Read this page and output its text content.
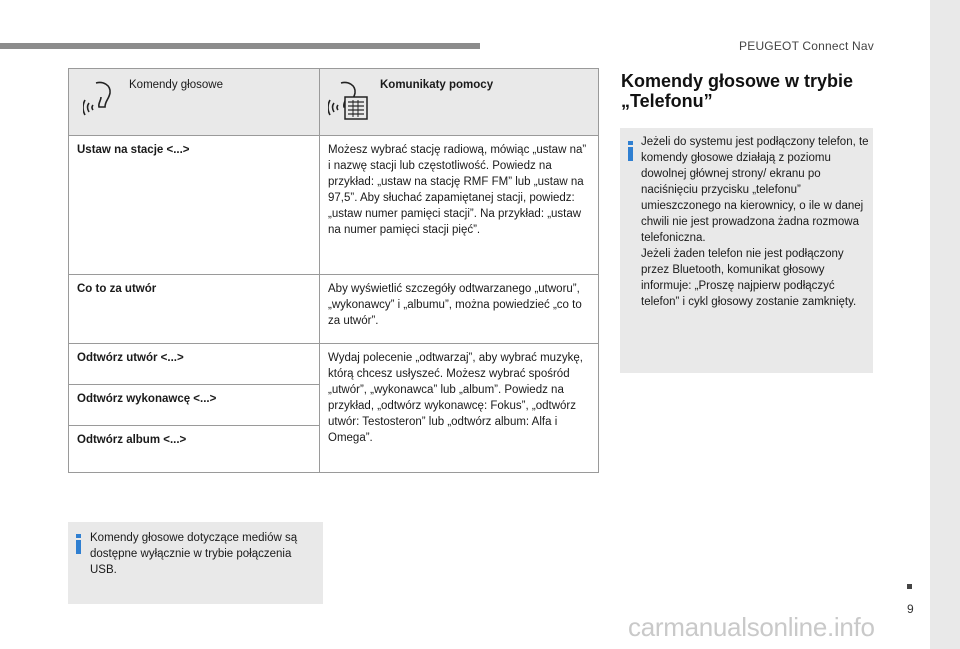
PEUGEOT Connect Nav
Komendy głosowe	Komunikaty pomocy

Ustaw na stacje <...>	Możesz wybrać stację radiową, mówiąc „ustaw na” i nazwę stacji lub częstotliwość. Powiedz na przykład: „ustaw na stację RMF FM” lub „ustaw na 97,5”. Aby słuchać zapamiętanej stacji, powiedz: „ustaw numer pamięci stacji”. Na przykład: „ustaw na numer pamięci stacji pięć”.
Co to za utwór	Aby wyświetlić szczegóły odtwarzanego „utworu”, „wykonawcy” i „albumu”, można powiedzieć „co to za utwór”.
Odtwórz utwór <...>	Wydaj polecenie „odtwarzaj”, aby wybrać muzykę, którą chcesz usłyszeć. Możesz wybrać spośród „utwór”, „wykonawca” lub „album”. Powiedz na przykład, „odtwórz wykonawcę: Fokus”, „odtwórz utwór: Testosteron” lub „odtwórz album: Alfa i Omega”.
Odtwórz wykonawcę <...>	
Odtwórz album <...>	
Komendy głosowe dotyczące mediów są dostępne wyłącznie w trybie połączenia USB.
Komendy głosowe w trybie „Telefonu”
Jeżeli do systemu jest podłączony telefon, te komendy głosowe działają z poziomu dowolnej głównej strony/ ekranu po naciśnięciu przycisku „telefonu” umieszczonego na kierownicy, o ile w danej chwili nie jest prowadzona żadna rozmowa telefoniczna.
Jeżeli żaden telefon nie jest podłączony przez Bluetooth, komunikat głosowy informuje: „Proszę najpierw podłączyć telefon” i cykl głosowy zostanie zamknięty.
9
carmanualsonline.info
